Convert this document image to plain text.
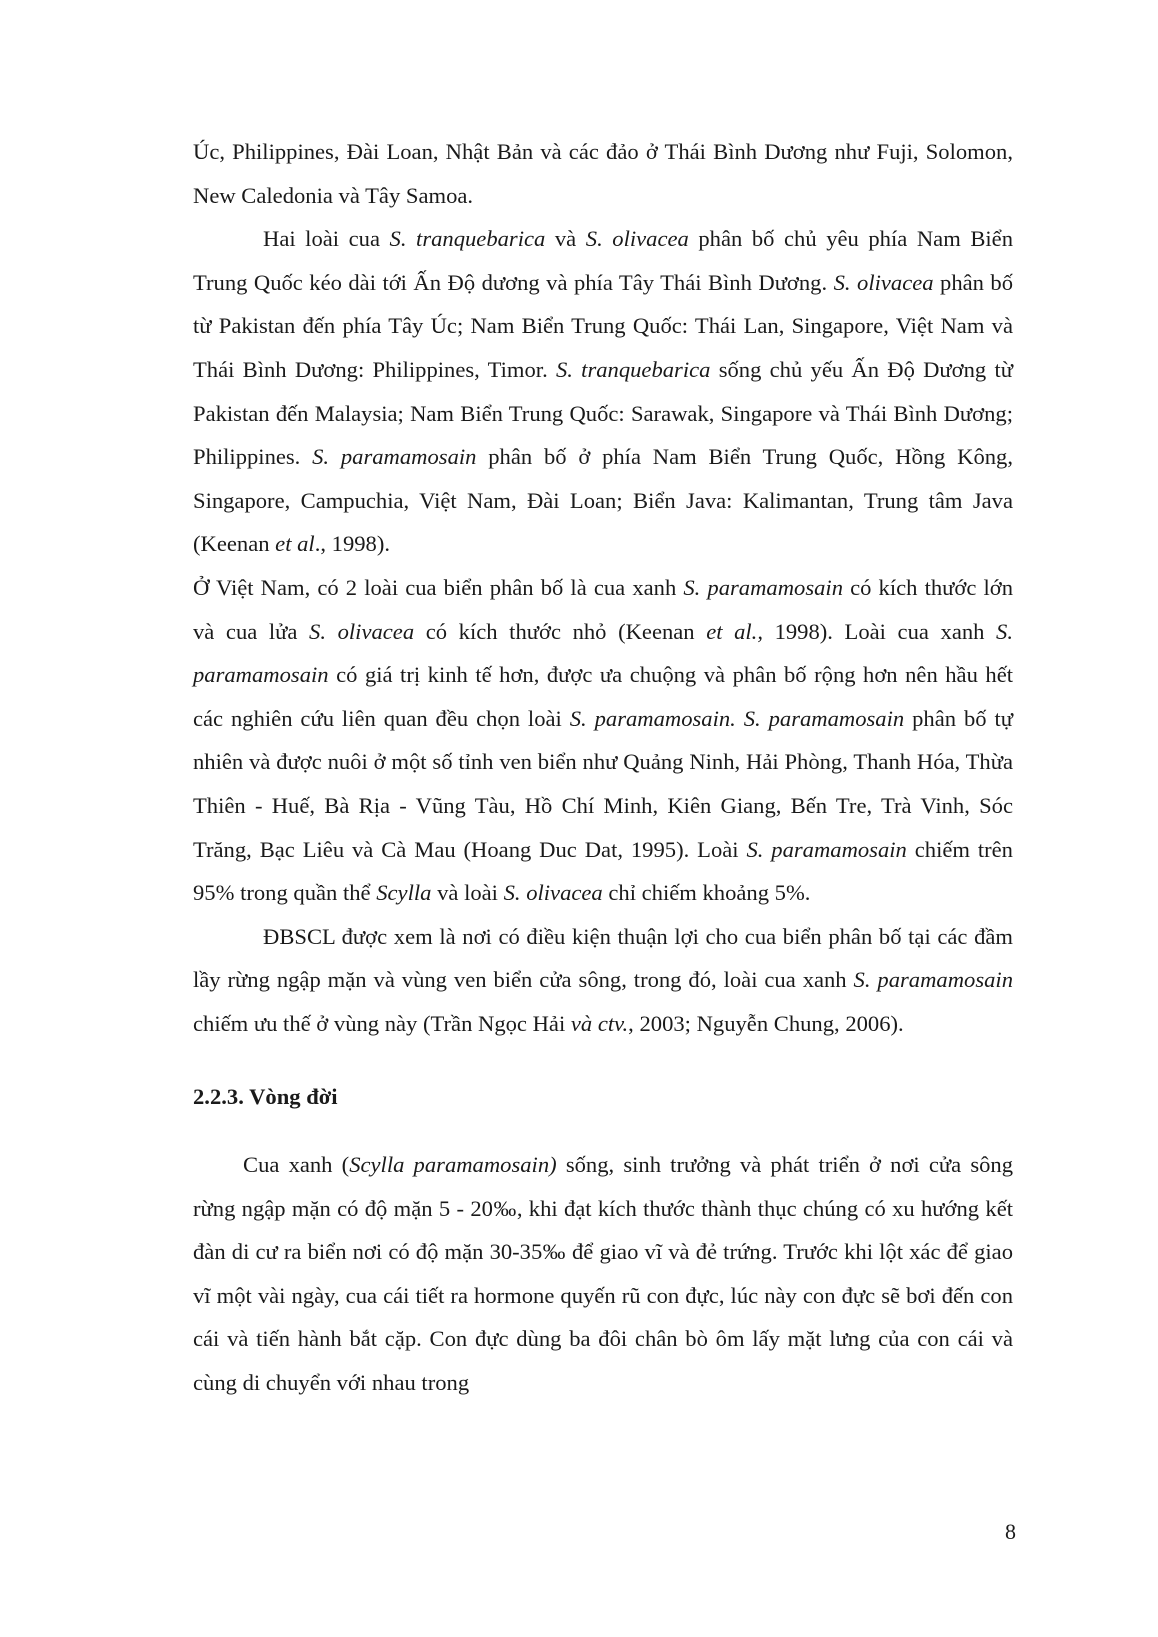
Úc, Philippines, Đài Loan, Nhật Bản và các đảo ở Thái Bình Dương như Fuji, Solomon, New Caledonia và Tây Samoa.

Hai loài cua S. tranquebarica và S. olivacea phân bố chủ yêu phía Nam Biển Trung Quốc kéo dài tới Ấn Độ dương và phía Tây Thái Bình Dương. S. olivacea phân bố từ Pakistan đến phía Tây Úc; Nam Biển Trung Quốc: Thái Lan, Singapore, Việt Nam và Thái Bình Dương: Philippines, Timor. S. tranquebarica sống chủ yếu Ấn Độ Dương từ Pakistan đến Malaysia; Nam Biển Trung Quốc: Sarawak, Singapore và Thái Bình Dương; Philippines. S. paramamosain phân bố ở phía Nam Biển Trung Quốc, Hồng Kông, Singapore, Campuchia, Việt Nam, Đài Loan; Biển Java: Kalimantan, Trung tâm Java (Keenan et al., 1998).

Ở Việt Nam, có 2 loài cua biển phân bố là cua xanh S. paramamosain có kích thước lớn và cua lửa S. olivacea có kích thước nhỏ (Keenan et al., 1998). Loài cua xanh S. paramamosain có giá trị kinh tế hơn, được ưa chuộng và phân bố rộng hơn nên hầu hết các nghiên cứu liên quan đều chọn loài S. paramamosain. S. paramamosain phân bố tự nhiên và được nuôi ở một số tỉnh ven biển như Quảng Ninh, Hải Phòng, Thanh Hóa, Thừa Thiên - Huế, Bà Rịa - Vũng Tàu, Hồ Chí Minh, Kiên Giang, Bến Tre, Trà Vinh, Sóc Trăng, Bạc Liêu và Cà Mau (Hoang Duc Dat, 1995). Loài S. paramamosain chiếm trên 95% trong quần thể Scylla và loài S. olivacea chỉ chiếm khoảng 5%.

ĐBSCL được xem là nơi có điều kiện thuận lợi cho cua biển phân bố tại các đầm lầy rừng ngập mặn và vùng ven biển cửa sông, trong đó, loài cua xanh S. paramamosain chiếm ưu thế ở vùng này (Trần Ngọc Hải và ctv., 2003; Nguyễn Chung, 2006).

2.2.3. Vòng đời

Cua xanh (Scylla paramamosain) sống, sinh trưởng và phát triển ở nơi cửa sông rừng ngập mặn có độ mặn 5 - 20‰, khi đạt kích thước thành thục chúng có xu hướng kết đàn di cư ra biển nơi có độ mặn 30-35‰ để giao vĩ và đẻ trứng. Trước khi lột xác để giao vĩ một vài ngày, cua cái tiết ra hormone quyến rũ con đực, lúc này con đực sẽ bơi đến con cái và tiến hành bắt cặp. Con đực dùng ba đôi chân bò ôm lấy mặt lưng của con cái và cùng di chuyển với nhau trong

8
